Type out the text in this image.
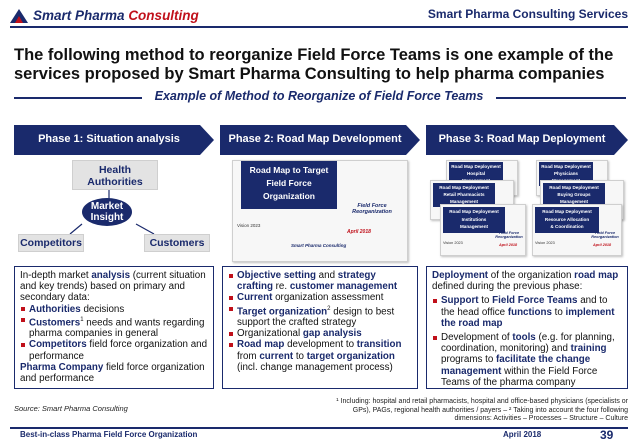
Smart Pharma Consulting	Smart Pharma Consulting Services
The following method to reorganize Field Force Teams is one example of the services proposed by Smart Pharma Consulting to help pharma companies
Example of Method to Reorganize of Field Force Teams
Phase 1: Situation analysis	Phase 2: Road Map Development	Phase 3: Road Map Deployment
Health Authorities
Market Insight
Competitors	Customers
Road Map to Target
Field Force
Organization
Field Force Reorganization
Vision 2023
April 2018
Smart Pharma Consulting
Road Map Deployment
Hospital
Road Map Deployment
Physicians
Road Map Deployment
Retail Pharmacists
Management
Road Map Deployment
Buying Groups
Management
Road Map Deployment
Institutions
Management
Field Force Reorganization
Vision 2023	April 2018
Road Map Deployment
Resource Allocation
& Coordination
Field Force Reorganization
Vision 2023	April 2018

In-depth market analysis (current situation and key trends) based on primary and secondary data:

Authorities decisions

Customers$^1$ needs and wants regarding pharma companies in general

Competitors field force organization and performance

Pharma Company field force organization and performance

Objective setting and strategy crafting re. customer management

Current organization assessment

Target organization$^2$ design to best support the crafted strategy

Organizational gap analysis

Road map development to transition from current to target organization (incl. change management process)

Deployment of the organization road map defined during the previous phase:

Support to Field Force Teams and to the head office functions to implement the road map

Development of tools (e.g. for planning, coordination, monitoring) and training programs to facilitate the change management within the Field Force Teams of the pharma company

Source: Smart Pharma Consulting
¹ Including: hospital and retail pharmacists, hospital and office-based physicians (specialists or GPs), PAGs, regional health authorities / payers – ² Taking into account the four following dimensions: Activities – Processes – Structure – Culture
Best-in-class Pharma Field Force Organization	April 2018	39
